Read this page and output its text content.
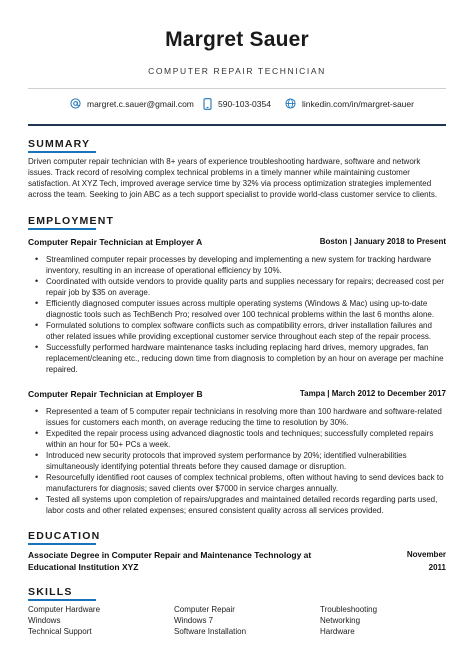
Margret Sauer
COMPUTER REPAIR TECHNICIAN
margret.c.sauer@gmail.com	590-103-0354	linkedin.com/in/margret-sauer
SUMMARY

Driven computer repair technician with 8+ years of experience troubleshooting hardware, software and network issues. Track record of resolving complex technical problems in a timely manner while maintaining customer satisfaction. At XYZ Tech, improved average service time by 32% via process optimization strategies implemented across the team. Seeking to join ABC as a tech support specialist to provide world-class customer service to clients.

EMPLOYMENT
Computer Repair Technician at Employer A	Boston | January 2018 to Present
• Streamlined computer repair processes by developing and implementing a new system for tracking hardware inventory, resulting in an increase of operational efficiency by 10%.
• Coordinated with outside vendors to provide quality parts and supplies necessary for repairs; decreased cost per repair job by $35 on average.
• Efficiently diagnosed computer issues across multiple operating systems (Windows & Mac) using up-to-date diagnostic tools such as TechBench Pro; resolved over 100 technical problems within the last 6 months alone.
• Formulated solutions to complex software conflicts such as compatibility errors, driver installation failures and other related issues while providing exceptional customer service throughout each step of the repair process.
• Successfully performed hardware maintenance tasks including replacing hard drives, memory upgrades, fan replacement/cleaning etc., reducing down time from diagnosis to completion by an hour on average per machine repaired.
Computer Repair Technician at Employer B	Tampa | March 2012 to December 2017
• Represented a team of 5 computer repair technicians in resolving more than 100 hardware and software-related issues for customers each month, on average reducing the time to resolution by 30%.
• Expedited the repair process using advanced diagnostic tools and techniques; successfully completed repairs within an hour for 50+ PCs a week.
• Introduced new security protocols that improved system performance by 20%; identified vulnerabilities simultaneously identifying potential threats before they caused damage or disruption.
• Resourcefully identified root causes of complex technical problems, often without having to send devices back to manufacturers for diagnosis; saved clients over $7000 in service charges annually.
• Tested all systems upon completion of repairs/upgrades and maintained detailed records regarding parts used, labor costs and other related expenses; ensured consistent quality across all services provided.
EDUCATION
Associate Degree in Computer Repair and Maintenance Technology at Educational Institution XYZ
November
2011
SKILLS
Computer Hardware	Computer Repair	Troubleshooting
Windows	Windows 7	Networking
Technical Support	Software Installation	Hardware
